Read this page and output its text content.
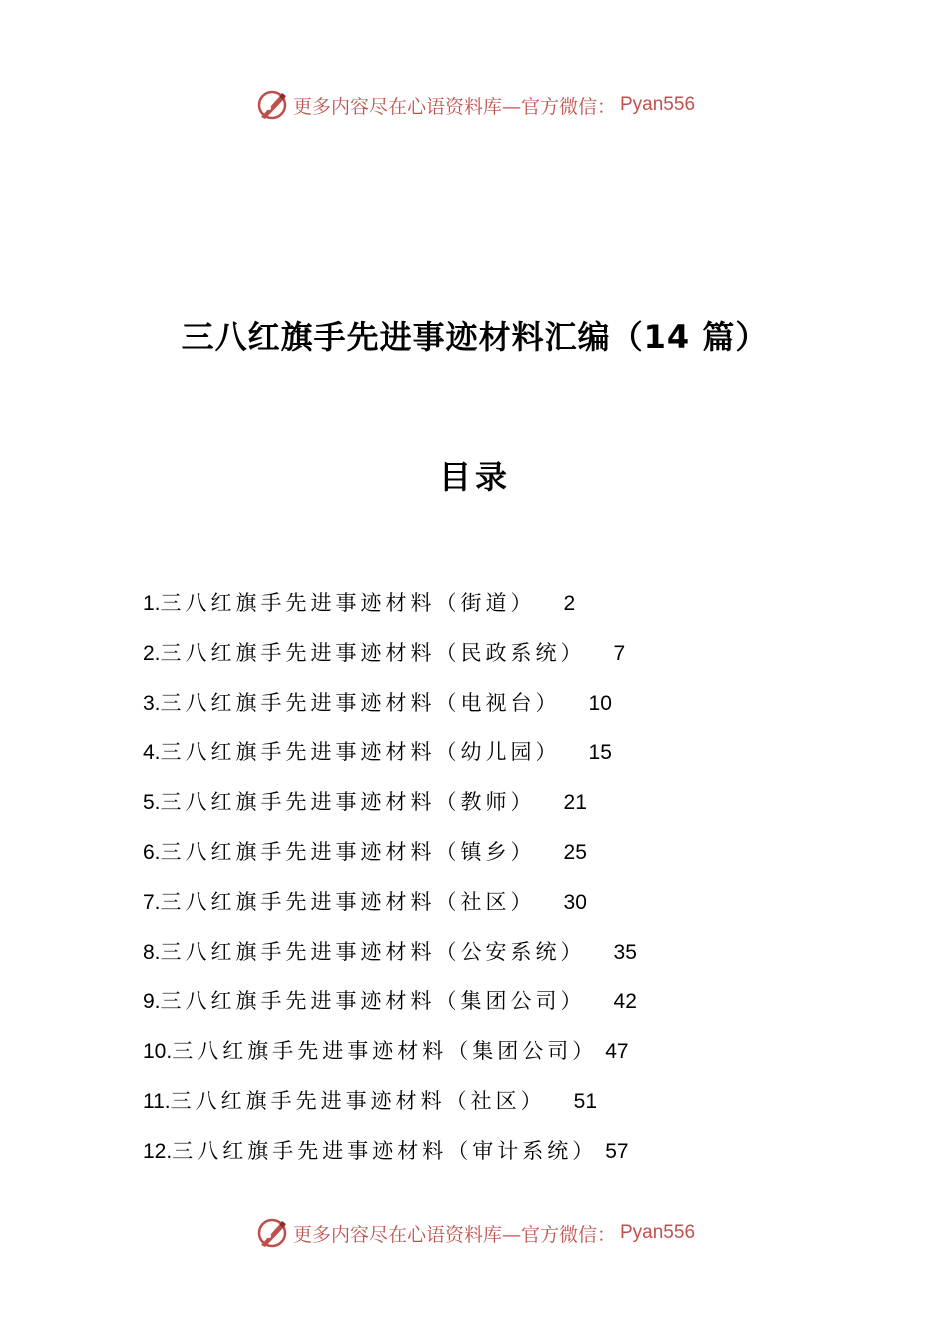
更多内容尽在心语资料库—官方微信： Pyan556
三八红旗手先进事迹材料汇编（14 篇）
目录
1.三八红旗手先进事迹材料（街道） 2
2.三八红旗手先进事迹材料（民政系统） 7
3.三八红旗手先进事迹材料（电视台） 10
4.三八红旗手先进事迹材料（幼儿园） 15
5.三八红旗手先进事迹材料（教师） 21
6.三八红旗手先进事迹材料（镇乡） 25
7.三八红旗手先进事迹材料（社区） 30
8.三八红旗手先进事迹材料（公安系统） 35
9.三八红旗手先进事迹材料（集团公司） 42
10.三八红旗手先进事迹材料（集团公司） 47
11.三八红旗手先进事迹材料（社区） 51
12.三八红旗手先进事迹材料（审计系统） 57
更多内容尽在心语资料库—官方微信： Pyan556
